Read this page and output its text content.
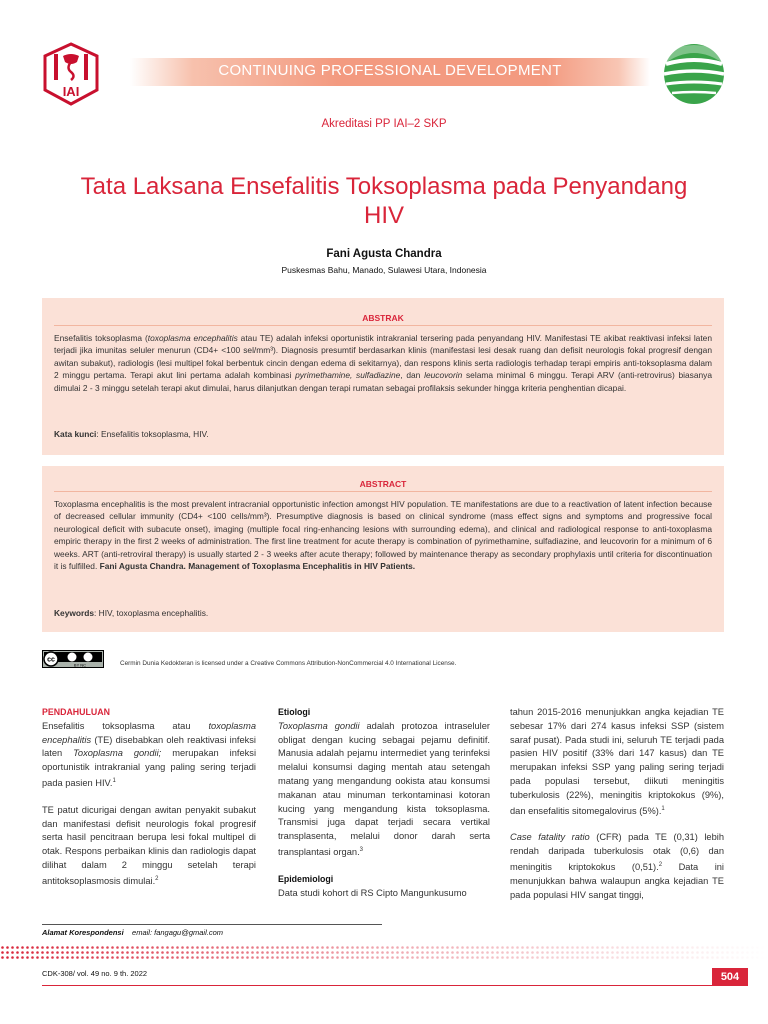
IAI
CONTINUING PROFESSIONAL DEVELOPMENT
Akreditasi PP IAI–2 SKP
Tata Laksana Ensefalitis Toksoplasma pada Penyandang HIV
Fani Agusta Chandra
Puskesmas Bahu, Manado, Sulawesi Utara, Indonesia
ABSTRAK
Ensefalitis toksoplasma (toxoplasma encephalitis atau TE) adalah infeksi oportunistik intrakranial tersering pada penyandang HIV. Manifestasi TE akibat reaktivasi infeksi laten terjadi jika imunitas seluler menurun (CD4+ <100 sel/mm³). Diagnosis presumtif berdasarkan klinis (manifestasi lesi desak ruang dan defisit neurologis fokal progresif dengan awitan subakut), radiologis (lesi multipel fokal berbentuk cincin dengan edema di sekitarnya), dan respons klinis serta radiologis terhadap terapi empiris anti-toksoplasma dalam 2 minggu pertama. Terapi akut lini pertama adalah kombinasi pyrimethamine, sulfadiazine, dan leucovorin selama minimal 6 minggu. Terapi ARV (anti-retrovirus) biasanya dimulai 2 - 3 minggu setelah terapi akut dimulai, harus dilanjutkan dengan terapi rumatan sebagai profilaksis sekunder hingga kriteria penghentian dicapai.
Kata kunci: Ensefalitis toksoplasma, HIV.
ABSTRACT
Toxoplasma encephalitis is the most prevalent intracranial opportunistic infection amongst HIV population. TE manifestations are due to a reactivation of latent infection because of decreased cellular immunity (CD4+ <100 cells/mm³). Presumptive diagnosis is based on clinical syndrome (mass effect signs and symptoms and progressive focal neurological deficit with subacute onset), imaging (multiple focal ring-enhancing lesions with surrounding edema), and clinical and radiological response to anti-toxoplasma empiric therapy in the first 2 weeks of administration. The first line treatment for acute therapy is combination of pyrimethamine, sulfadiazine, and leucovorin for a minimum of 6 weeks. ART (anti-retroviral therapy) is usually started 2 - 3 weeks after acute therapy; followed by maintenance therapy as secondary prophylaxis until criteria for discontinuation it is fulfilled. Fani Agusta Chandra. Management of Toxoplasma Encephalitis in HIV Patients.
Keywords: HIV, toxoplasma encephalitis.
cc
BY NC	Cermin Dunia Kedokteran is licensed under a Creative Commons Attribution-NonCommercial 4.0 International License.
PENDAHULUAN

Ensefalitis toksoplasma atau toxoplasma encephalitis (TE) disebabkan oleh reaktivasi infeksi laten Toxoplasma gondii; merupakan infeksi oportunistik intrakranial yang paling sering terjadi pada pasien HIV.$^1$

TE patut dicurigai dengan awitan penyakit subakut dan manifestasi defisit neurologis fokal progresif serta hasil pencitraan berupa lesi fokal multipel di otak. Respons perbaikan klinis dan radiologis dapat dilihat dalam 2 minggu setelah terapi antitoksoplasmosis dimulai.$^2$

Etiologi

Toxoplasma gondii adalah protozoa intraseluler obligat dengan kucing sebagai pejamu definitif. Manusia adalah pejamu intermediet yang terinfeksi melalui konsumsi daging mentah atau setengah matang yang mengandung ookista atau konsumsi makanan atau minuman terkontaminasi kotoran kucing yang mengandung kista toksoplasma. Transmisi juga dapat terjadi secara vertikal transplasenta, melalui donor darah serta transplantasi organ.$^3$

Epidemiologi

Data studi kohort di RS Cipto Mangunkusumo

tahun 2015-2016 menunjukkan angka kejadian TE sebesar 17% dari 274 kasus infeksi SSP (sistem saraf pusat). Pada studi ini, seluruh TE terjadi pada pasien HIV positif (33% dari 147 kasus) dan TE merupakan infeksi SSP yang paling sering terjadi pada populasi tersebut, diikuti meningitis tuberkulosis (22%), meningitis kriptokokus (9%), dan ensefalitis sitomegalovirus (5%).$^1$

Case fatality ratio (CFR) pada TE (0,31) lebih rendah daripada tuberkulosis otak (0,6) dan meningitis kriptokokus (0,51).$^2$ Data ini menunjukkan bahwa walaupun angka kejadian TE pada populasi HIV sangat tinggi,

Alamat Korespondensi email: fangagu@gmail.com
CDK-308/ vol. 49 no. 9 th. 2022	504
